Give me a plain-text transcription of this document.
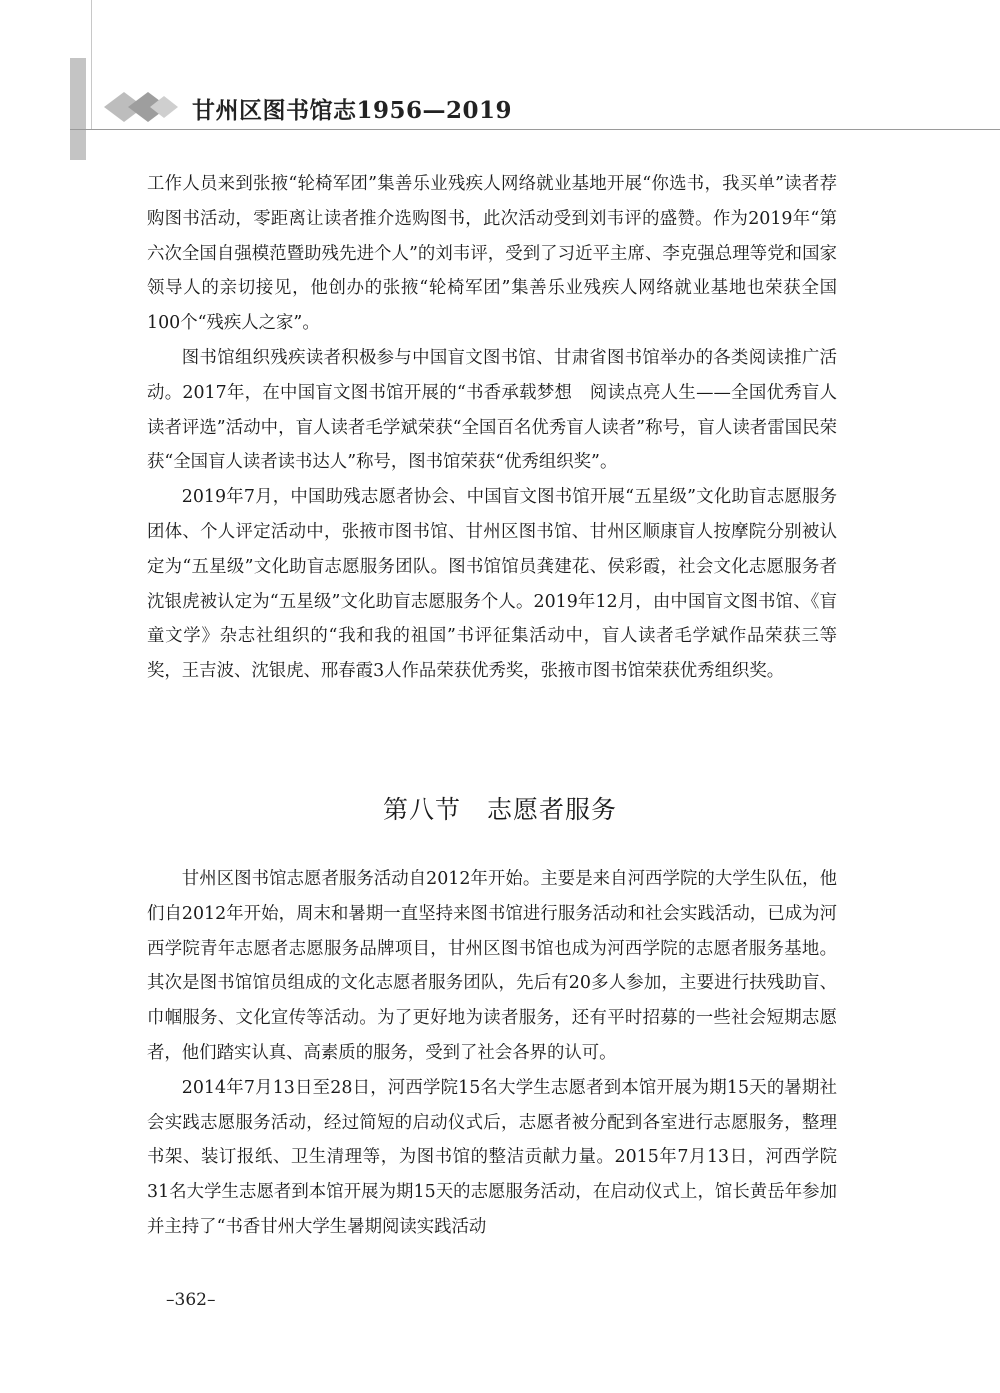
甘州区图书馆志1956—2019

工作人员来到张掖“轮椅军团”集善乐业残疾人网络就业基地开展“你选书，我买单”读者荐购图书活动，零距离让读者推介选购图书，此次活动受到刘韦评的盛赞。作为2019年“第六次全国自强模范暨助残先进个人”的刘韦评，受到了习近平主席、李克强总理等党和国家领导人的亲切接见，他创办的张掖“轮椅军团”集善乐业残疾人网络就业基地也荣获全国100个“残疾人之家”。

图书馆组织残疾读者积极参与中国盲文图书馆、甘肃省图书馆举办的各类阅读推广活动。2017年，在中国盲文图书馆开展的“书香承载梦想　阅读点亮人生——全国优秀盲人读者评选”活动中，盲人读者毛学斌荣获“全国百名优秀盲人读者”称号，盲人读者雷国民荣获“全国盲人读者读书达人”称号，图书馆荣获“优秀组织奖”。

2019年7月，中国助残志愿者协会、中国盲文图书馆开展“五星级”文化助盲志愿服务团体、个人评定活动中，张掖市图书馆、甘州区图书馆、甘州区顺康盲人按摩院分别被认定为“五星级”文化助盲志愿服务团队。图书馆馆员龚建花、侯彩霞，社会文化志愿服务者沈银虎被认定为“五星级”文化助盲志愿服务个人。2019年12月，由中国盲文图书馆、《盲童文学》杂志社组织的“我和我的祖国”书评征集活动中，盲人读者毛学斌作品荣获三等奖，王吉波、沈银虎、邢春霞3人作品荣获优秀奖，张掖市图书馆荣获优秀组织奖。

第八节　志愿者服务

甘州区图书馆志愿者服务活动自2012年开始。主要是来自河西学院的大学生队伍，他们自2012年开始，周末和暑期一直坚持来图书馆进行服务活动和社会实践活动，已成为河西学院青年志愿者志愿服务品牌项目，甘州区图书馆也成为河西学院的志愿者服务基地。其次是图书馆馆员组成的文化志愿者服务团队，先后有20多人参加，主要进行扶残助盲、巾帼服务、文化宣传等活动。为了更好地为读者服务，还有平时招募的一些社会短期志愿者，他们踏实认真、高素质的服务，受到了社会各界的认可。

2014年7月13日至28日，河西学院15名大学生志愿者到本馆开展为期15天的暑期社会实践志愿服务活动，经过简短的启动仪式后，志愿者被分配到各室进行志愿服务，整理书架、装订报纸、卫生清理等，为图书馆的整洁贡献力量。2015年7月13日，河西学院31名大学生志愿者到本馆开展为期15天的志愿服务活动，在启动仪式上，馆长黄岳年参加并主持了“书香甘州大学生暑期阅读实践活动

–362–
